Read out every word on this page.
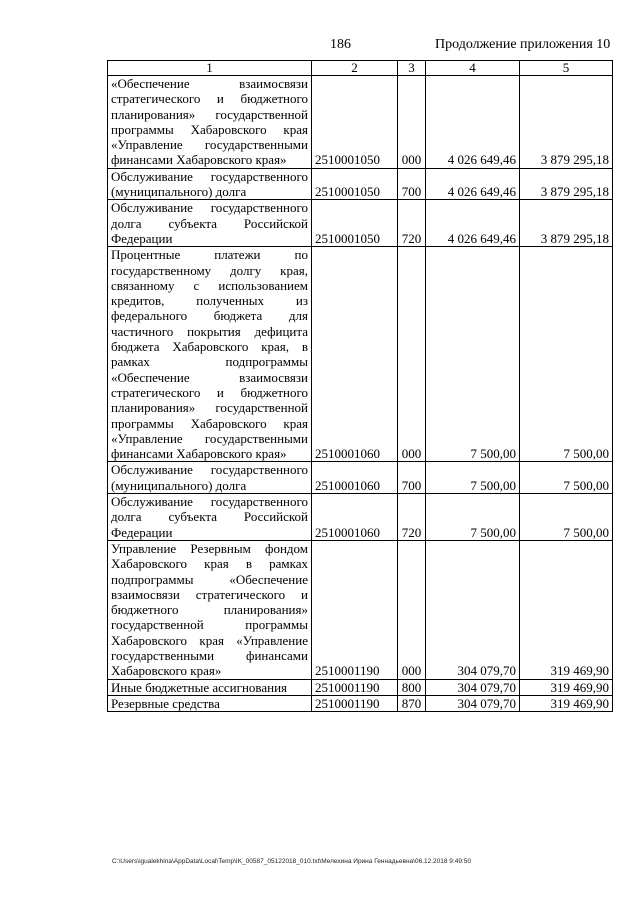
186	Продолжение приложения 10
1	2	3	4	5
«Обеспечение взаимосвязи стратегического и бюджетного планирования» государственной программы Хабаровского края «Управление государственными финансами Хабаровского края»	2510001050	000	4 026 649,46	3 879 295,18
Обслуживание государственного (муниципального) долга	2510001050	700	4 026 649,46	3 879 295,18
Обслуживание государственного долга субъекта Российской Федерации	2510001050	720	4 026 649,46	3 879 295,18
Процентные платежи по государственному долгу края, связанному с использованием кредитов, полученных из федерального бюджета для частичного покрытия дефицита бюджета Хабаровского края, в рамках подпрограммы «Обеспечение взаимосвязи стратегического и бюджетного планирования» государственной программы Хабаровского края «Управление государственными финансами Хабаровского края»	2510001060	000	7 500,00	7 500,00
Обслуживание государственного (муниципального) долга	2510001060	700	7 500,00	7 500,00
Обслуживание государственного долга субъекта Российской Федерации	2510001060	720	7 500,00	7 500,00
Управление Резервным фондом Хабаровского края в рамках подпрограммы «Обеспечение взаимосвязи стратегического и бюджетного планирования» государственной программы Хабаровского края «Управление государственными финансами Хабаровского края»	2510001190	000	304 079,70	319 469,90
Иные бюджетные ассигнования	2510001190	800	304 079,70	319 469,90
Резервные средства	2510001190	870	304 079,70	319 469,90
C:\Users\igualekhina\AppData\Local\Temp\IK_00587_05122018_010.txt\Мелехина Ирина Геннадьевна\06.12.2018 9:49:50
